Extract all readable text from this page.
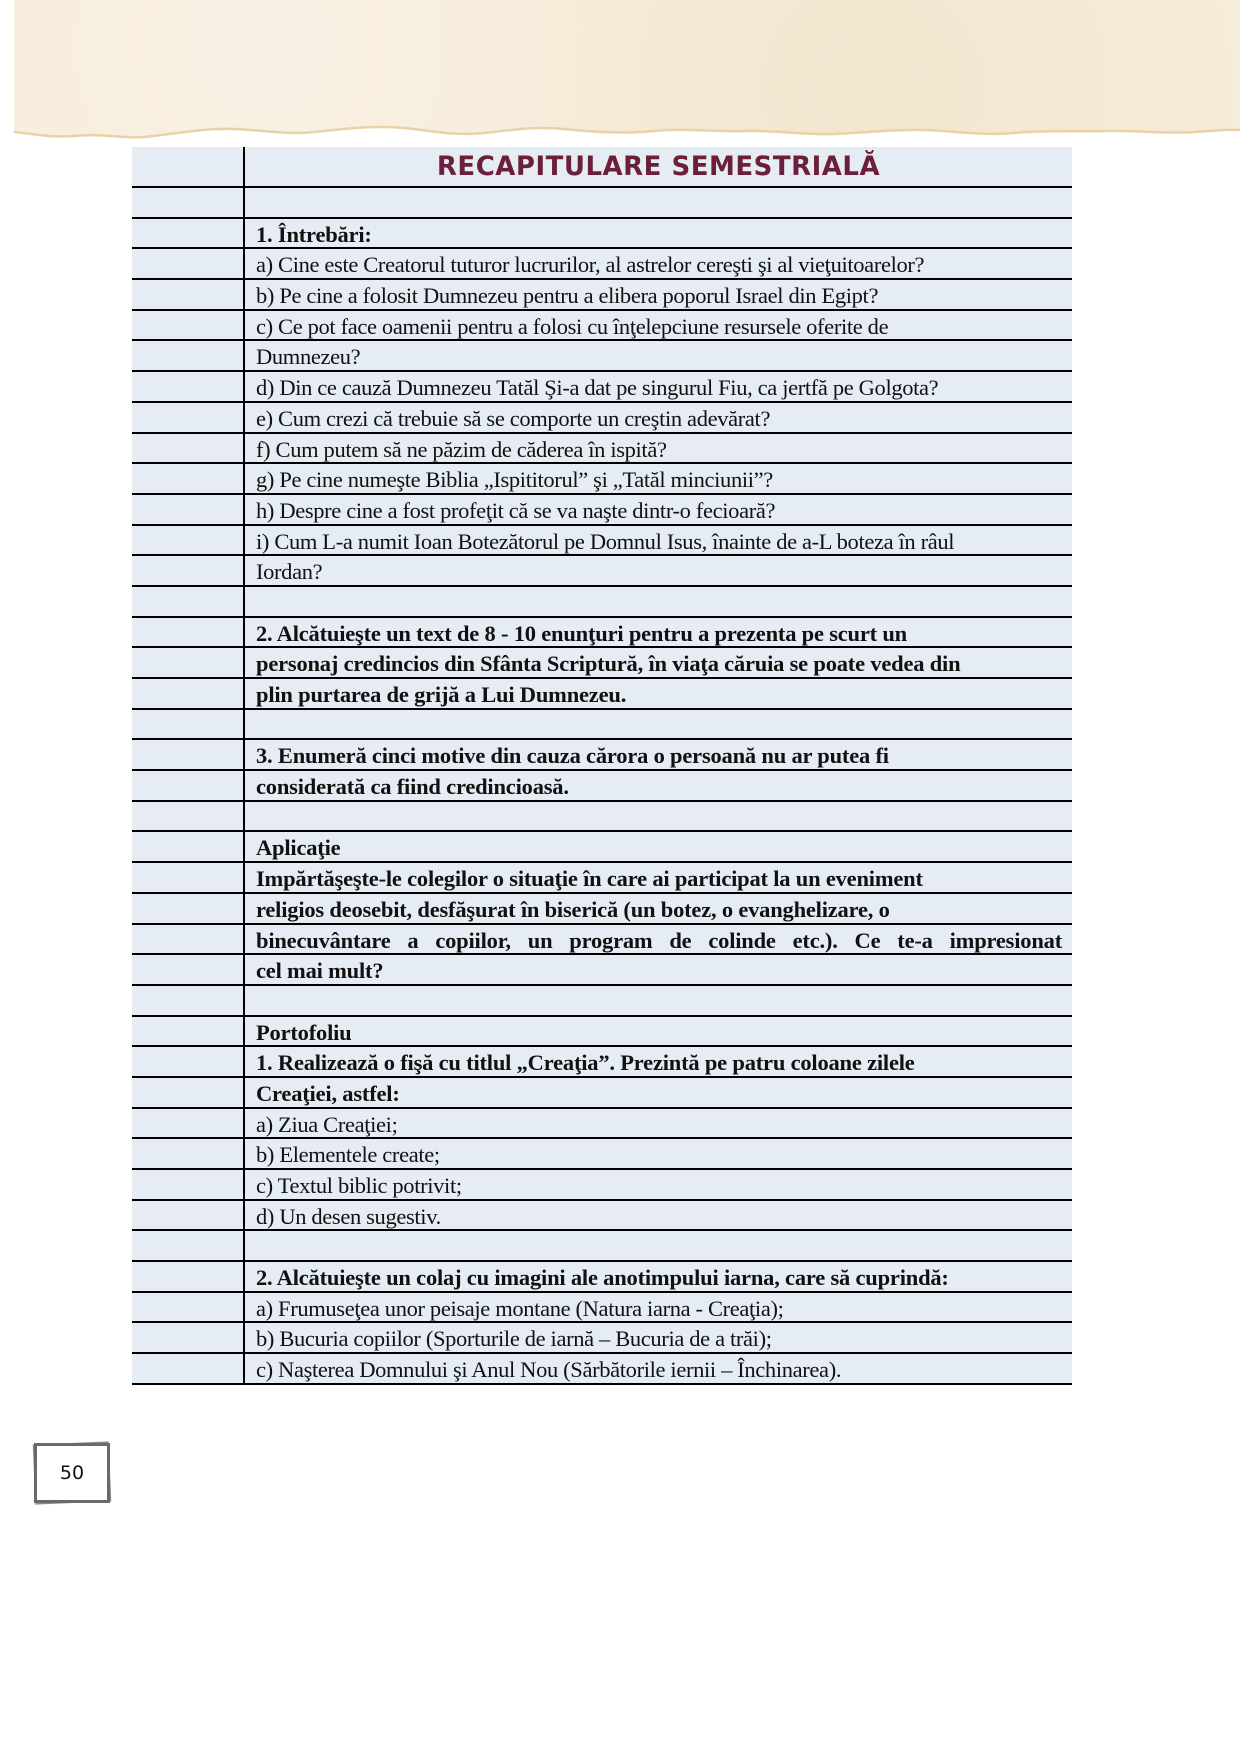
RECAPITULARE SEMESTRIALĂ
1. Întrebări:
a) Cine este Creatorul tuturor lucrurilor, al astrelor cereşti şi al vieţuitoarelor?
b) Pe cine a folosit Dumnezeu pentru a elibera poporul Israel din Egipt?
c) Ce pot face oamenii pentru a folosi cu înţelepciune resursele oferite de
Dumnezeu?
d) Din ce cauză Dumnezeu Tatăl Şi-a dat pe singurul Fiu, ca jertfă pe Golgota?
e) Cum crezi că trebuie să se comporte un creştin adevărat?
f) Cum putem să ne păzim de căderea în ispită?
g) Pe cine numeşte Biblia „Ispititorul” şi „Tatăl minciunii”?
h) Despre cine a fost profeţit că se va naşte dintr-o fecioară?
i) Cum L-a numit Ioan Botezătorul pe Domnul Isus, înainte de a-L boteza în râul
Iordan?
2. Alcătuieşte un text de 8 - 10 enunţuri pentru a prezenta pe scurt un
personaj credincios din Sfânta Scriptură, în viaţa căruia se poate vedea din
plin purtarea de grijă a Lui Dumnezeu.
3. Enumeră cinci motive din cauza cărora o persoană nu ar putea fi
considerată ca fiind credincioasă.
Aplicaţie
Impărtăşeşte-le colegilor o situaţie în care ai participat la un eveniment
religios deosebit, desfăşurat în biserică (un botez, o evanghelizare, o
binecuvântare a copiilor, un program de colinde etc.). Ce te-a impresionat
cel mai mult?
Portofoliu
1. Realizează o fişă cu titlul „Creaţia”. Prezintă pe patru coloane zilele
Creaţiei, astfel:
a) Ziua Creaţiei;
b) Elementele create;
c) Textul biblic potrivit;
d) Un desen sugestiv.
2. Alcătuieşte un colaj cu imagini ale anotimpului iarna, care să cuprindă:
a) Frumuseţea unor peisaje montane (Natura iarna - Creaţia);
b) Bucuria copiilor (Sporturile de iarnă – Bucuria de a trăi);
c) Naşterea Domnului şi Anul Nou (Sărbătorile iernii – Închinarea).
50
